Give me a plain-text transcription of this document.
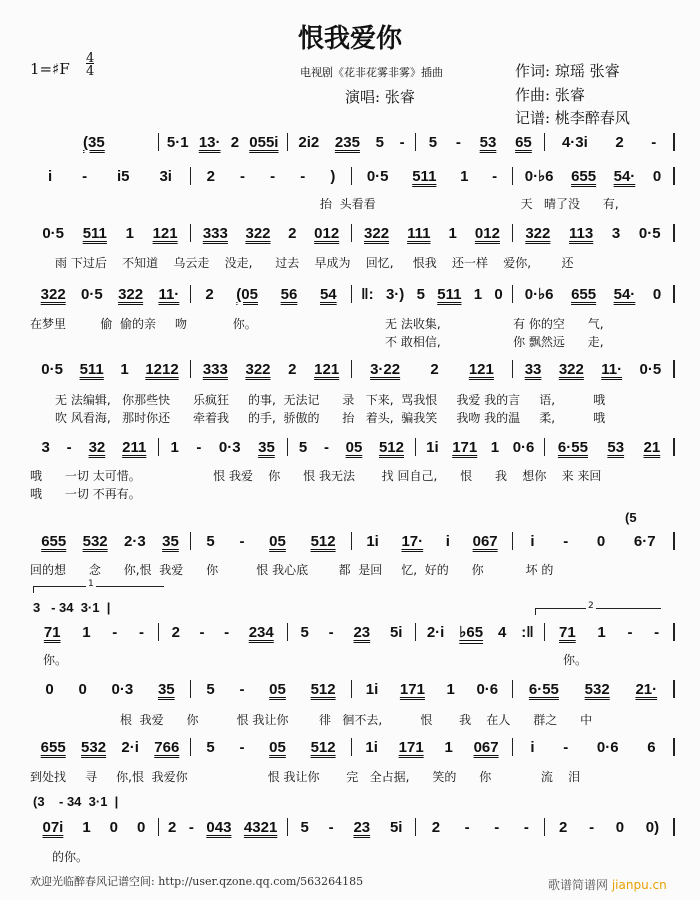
恨我爱你
1=♯F $\frac{4}{4}$	电视剧《花非花雾非雾》插曲	作词: 琼瑶 张睿
演唱: 张睿	作曲: 张睿
记谱: 桃李醉春风
(35	5·1 13· 2 055i 2i2 235 5 - 5 - 53 65 4·3i 2 -
i - i5 3i 2 - - - ) 0·5 511 1 - 0·♭6 655 54· 0
0·5 511 1 121 333 322 2 012 322 111 1 012 322 113 3 0·5
322 0·5 322 11· 2 (05 56 54 ‖: 3·) 5 511 1 0 0·♭6 655 54· 0
0·5 511 1 1212 333 322 2 121 3·22 2 121 33 322 11· 0·5
3 - 32 211 1 - 0·3 35 5 - 05 512 1i 171 1 0·6 6·55 53 21
655 532 2·3 35 5 - 05 512 1i 17· i 067 i - 0 6·7
71 1 - - 2 - - 234 5 - 23 5i 2·i ♭65 4 :‖ 71 1 - -
0 0 0·3 35 5 - 05 512 1i 171 1 0·6 6·55 532 21·
655 532 2·i 766 5 - 05 512 1i 171 1 067 i - 0·6 6
07i 1 0 0 2 - 043 4321 5 - 23 5i 2 - - - 2 - 0 0)
(5
1
3   - 34  3·1  |	2
(3    - 34  3·1  |
抬  头看看                                      天   晴了没      有,
雨 下过后    不知道    乌云走    没走,      过去    早成为    回忆,     恨我    还一样    爱你,        还
在梦里         偷  偷的亲     吻            你。	无 法收集,                   有 你的空      气,
不 敢相信,                   你 飘然远      走,
无 法编辑,   你那些快      乐疯狂     的事,  无法记      录   下来,  骂我恨     我爱 我的言     语,          哦
吹 风看海,   那时你还      牵着我     的手,  骄傲的      抬   着头,  骗我笑     我吻 我的温     柔,          哦
哦      一切 太可惜。                   恨 我爱    你      恨 我无法       找 回自己,      恨      我    想你    来 来回
哦      一切 不再有。
回的想      念      你,恨  我爱      你          恨 我心底        都  是回     忆,  好的      你           坏 的
你。	你。
根  我爱      你          恨 我让你        徘   徊不去,          恨       我    在人      群之      中
到处找     寻     你,恨  我爱你                     恨 我让你       完   全占据,      笑的      你             流    泪
的你。
欢迎光临醉春风记谱空间: http://user.qzone.qq.com/563264185	歌谱简谱网 jianpu.cn
